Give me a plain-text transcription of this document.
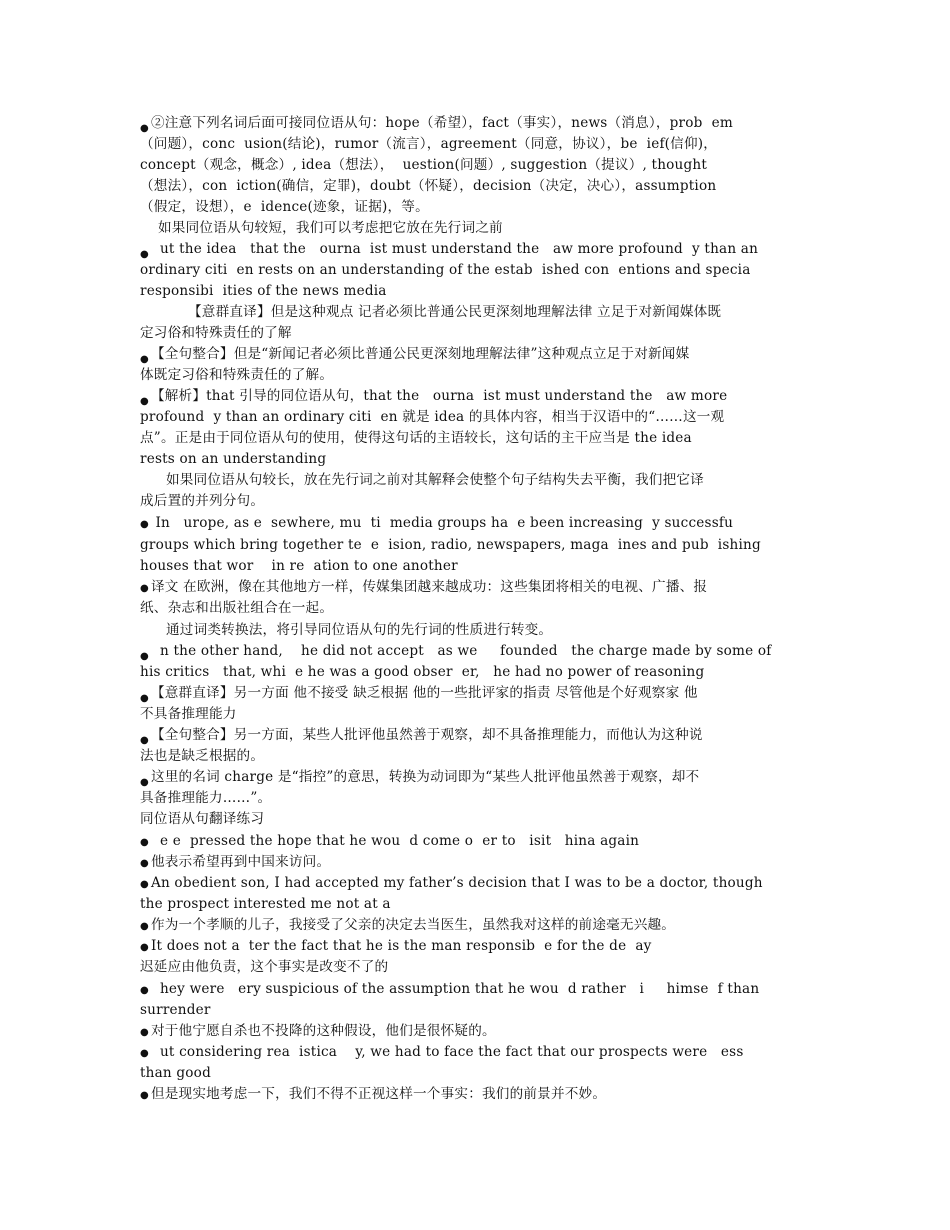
● ②注意下列名词后面可接同位语从句：hope（希望），fact（事实），news（消息），prob  em
（问题），conc  usion(结论)，rumor（流言），agreement（同意，协议），be  ief(信仰)，
concept（观念，概念）, idea（想法），  uestion(问题）, suggestion（提议）, thought
（想法），con  iction(确信，定罪)，doubt（怀疑），decision（决定，决心），assumption
（假定，设想），e  idence(迹象，证据)，等。
如果同位语从句较短，我们可以考虑把它放在先行词之前
●   ut the idea   that the   ourna  ist must understand the   aw more profound  y than an
ordinary citi  en rests on an understanding of the estab  ished con  entions and specia
responsibi  ities of the news media
【意群直译】但是这种观点 记者必须比普通公民更深刻地理解法律 立足于对新闻媒体既
定习俗和特殊责任的了解
● 【全句整合】但是“新闻记者必须比普通公民更深刻地理解法律”这种观点立足于对新闻媒
体既定习俗和特殊责任的了解。
● 【解析】that 引导的同位语从句，that the   ourna  ist must understand the   aw more
profound  y than an ordinary citi  en 就是 idea 的具体内容，相当于汉语中的“……这一观
点”。正是由于同位语从句的使用，使得这句话的主语较长，这句话的主干应当是 the idea
rests on an understanding
如果同位语从句较长，放在先行词之前对其解释会使整个句子结构失去平衡，我们把它译
成后置的并列分句。
●  In   urope, as e  sewhere, mu  ti  media groups ha  e been increasing  y successfu
groups which bring together te  e  ision, radio, newspapers, maga  ines and pub  ishing
houses that wor    in re  ation to one another
● 译文 在欧洲，像在其他地方一样，传媒集团越来越成功：这些集团将相关的电视、广播、报
纸、杂志和出版社组合在一起。
通过词类转换法，将引导同位语从句的先行词的性质进行转变。
●   n the other hand,    he did not accept   as we     founded   the charge made by some of
his critics   that, whi  e he was a good obser  er,   he had no power of reasoning
● 【意群直译】另一方面 他不接受 缺乏根据 他的一些批评家的指责 尽管他是个好观察家 他
不具备推理能力
● 【全句整合】另一方面，某些人批评他虽然善于观察，却不具备推理能力，而他认为这种说
法也是缺乏根据的。
● 这里的名词 charge 是“指控”的意思，转换为动词即为“某些人批评他虽然善于观察，却不
具备推理能力……”。
同位语从句翻译练习
●   e e  pressed the hope that he wou  d come o  er to   isit   hina again
● 他表示希望再到中国来访问。
● An obedient son, I had accepted my father’s decision that I was to be a doctor, though
the prospect interested me not at a
● 作为一个孝顺的儿子，我接受了父亲的决定去当医生，虽然我对这样的前途毫无兴趣。
● It does not a  ter the fact that he is the man responsib  e for the de  ay
迟延应由他负责，这个事实是改变不了的
●   hey were   ery suspicious of the assumption that he wou  d rather   i     himse  f than
surrender
● 对于他宁愿自杀也不投降的这种假设，他们是很怀疑的。
●   ut considering rea  istica    y, we had to face the fact that our prospects were   ess
than good
● 但是现实地考虑一下，我们不得不正视这样一个事实：我们的前景并不妙。
